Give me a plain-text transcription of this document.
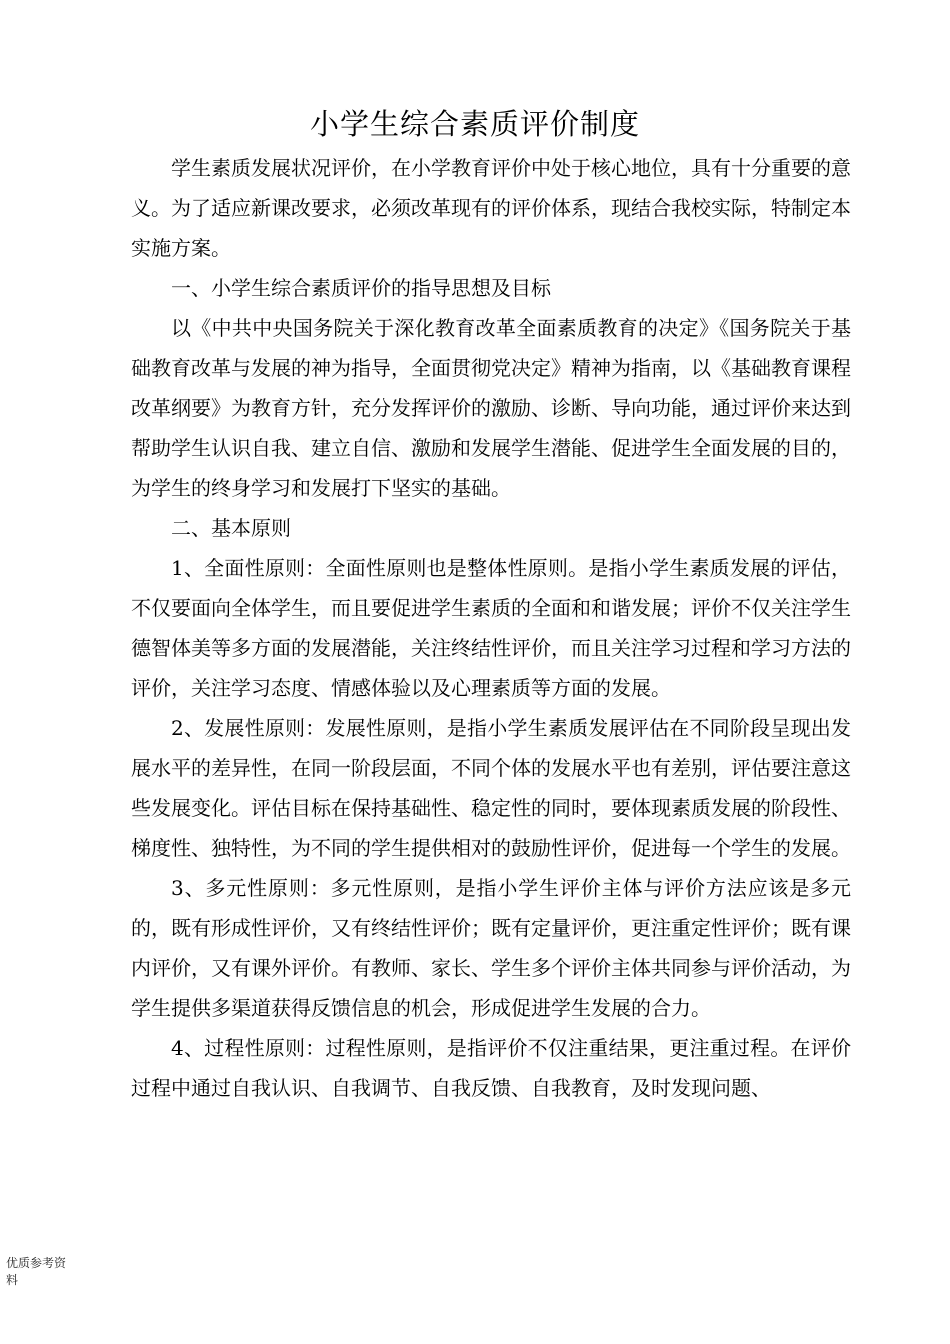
小学生综合素质评价制度

学生素质发展状况评价，在小学教育评价中处于核心地位，具有十分重要的意义。为了适应新课改要求，必须改革现有的评价体系，现结合我校实际，特制定本实施方案。

一、小学生综合素质评价的指导思想及目标

以《中共中央国务院关于深化教育改革全面素质教育的决定》《国务院关于基础教育改革与发展的神为指导，全面贯彻党决定》精神为指南，以《基础教育课程改革纲要》为教育方针，充分发挥评价的激励、诊断、导向功能，通过评价来达到帮助学生认识自我、建立自信、激励和发展学生潜能、促进学生全面发展的目的，为学生的终身学习和发展打下坚实的基础。

二、基本原则

1、全面性原则：全面性原则也是整体性原则。是指小学生素质发展的评估，不仅要面向全体学生，而且要促进学生素质的全面和和谐发展；评价不仅关注学生德智体美等多方面的发展潜能，关注终结性评价，而且关注学习过程和学习方法的评价，关注学习态度、情感体验以及心理素质等方面的发展。

2、发展性原则：发展性原则，是指小学生素质发展评估在不同阶段呈现出发展水平的差异性，在同一阶段层面，不同个体的发展水平也有差别，评估要注意这些发展变化。评估目标在保持基础性、稳定性的同时，要体现素质发展的阶段性、梯度性、独特性，为不同的学生提供相对的鼓励性评价，促进每一个学生的发展。

3、多元性原则：多元性原则，是指小学生评价主体与评价方法应该是多元的，既有形成性评价，又有终结性评价；既有定量评价，更注重定性评价；既有课内评价，又有课外评价。有教师、家长、学生多个评价主体共同参与评价活动，为学生提供多渠道获得反馈信息的机会，形成促进学生发展的合力。

4、过程性原则：过程性原则，是指评价不仅注重结果，更注重过程。在评价过程中通过自我认识、自我调节、自我反馈、自我教育，及时发现问题、

优质参考资
料
